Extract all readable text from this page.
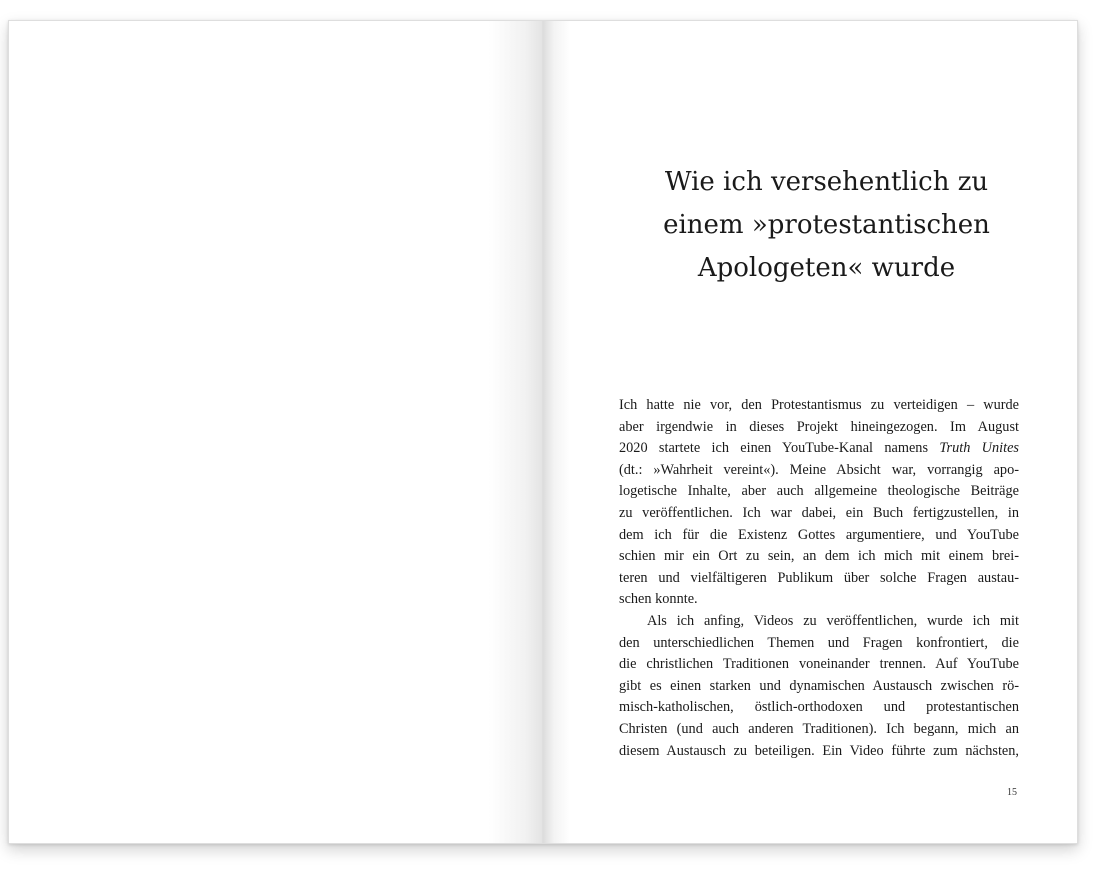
Wie ich versehentlich zu
einem »protestantischen
Apologeten« wurde

Ich hatte nie vor, den Protestantismus zu verteidigen – wurde
aber irgendwie in dieses Projekt hineingezogen. Im August
2020 startete ich einen YouTube-Kanal namens Truth Unites
(dt.: »Wahrheit vereint«). Meine Absicht war, vorrangig apo-
logetische Inhalte, aber auch allgemeine theologische Beiträge
zu veröffentlichen. Ich war dabei, ein Buch fertigzustellen, in
dem ich für die Existenz Gottes argumentiere, und YouTube
schien mir ein Ort zu sein, an dem ich mich mit einem brei-
teren und vielfältigeren Publikum über solche Fragen austau-
schen konnte.

Als ich anfing, Videos zu veröffentlichen, wurde ich mit
den unterschiedlichen Themen und Fragen konfrontiert, die
die christlichen Traditionen voneinander trennen. Auf YouTube
gibt es einen starken und dynamischen Austausch zwischen rö-
misch-katholischen, östlich-orthodoxen und protestantischen
Christen (und auch anderen Traditionen). Ich begann, mich an
diesem Austausch zu beteiligen. Ein Video führte zum nächsten,

15
